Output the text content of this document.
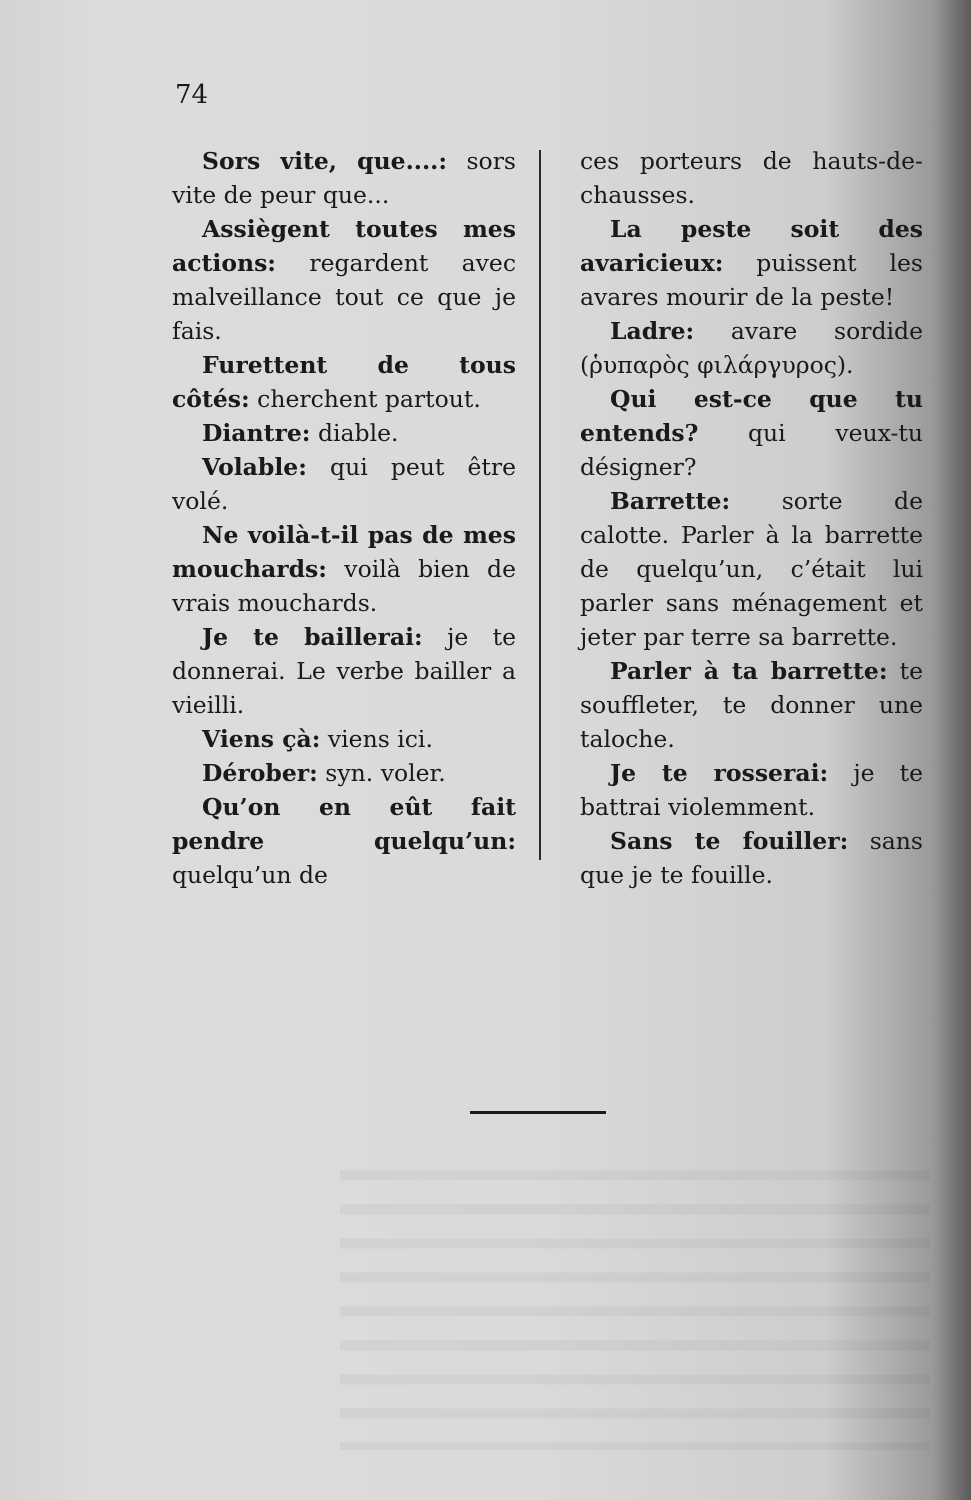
74

Sors vite, que....: sors vite de peur que...

Assiègent toutes mes actions: regardent avec malveillance tout ce que je fais.

Furettent de tous côtés: cherchent partout.

Diantre: diable.

Volable: qui peut être volé.

Ne voilà-t-il pas de mes mouchards: voilà bien de vrais mouchards.

Je te baillerai: je te donnerai. Le verbe bailler a vieilli.

Viens çà: viens ici.

Dérober: syn. voler.

Qu’on en eût fait pendre quelqu’un: quelqu’un de

ces porteurs de hauts-de-chausses.

La peste soit des avaricieux: puissent les avares mourir de la peste!

Ladre: avare sordide (ῥυπαρὸς φιλάργυρος).

Qui est-ce que tu entends? qui veux-tu désigner?

Barrette: sorte de calotte. Parler à la barrette de quelqu’un, c’était lui parler sans ménagement et jeter par terre sa barrette.

Parler à ta barrette: te souffleter, te donner une taloche.

Je te rosserai: je te battrai violemment.

Sans te fouiller: sans que je te fouille.
